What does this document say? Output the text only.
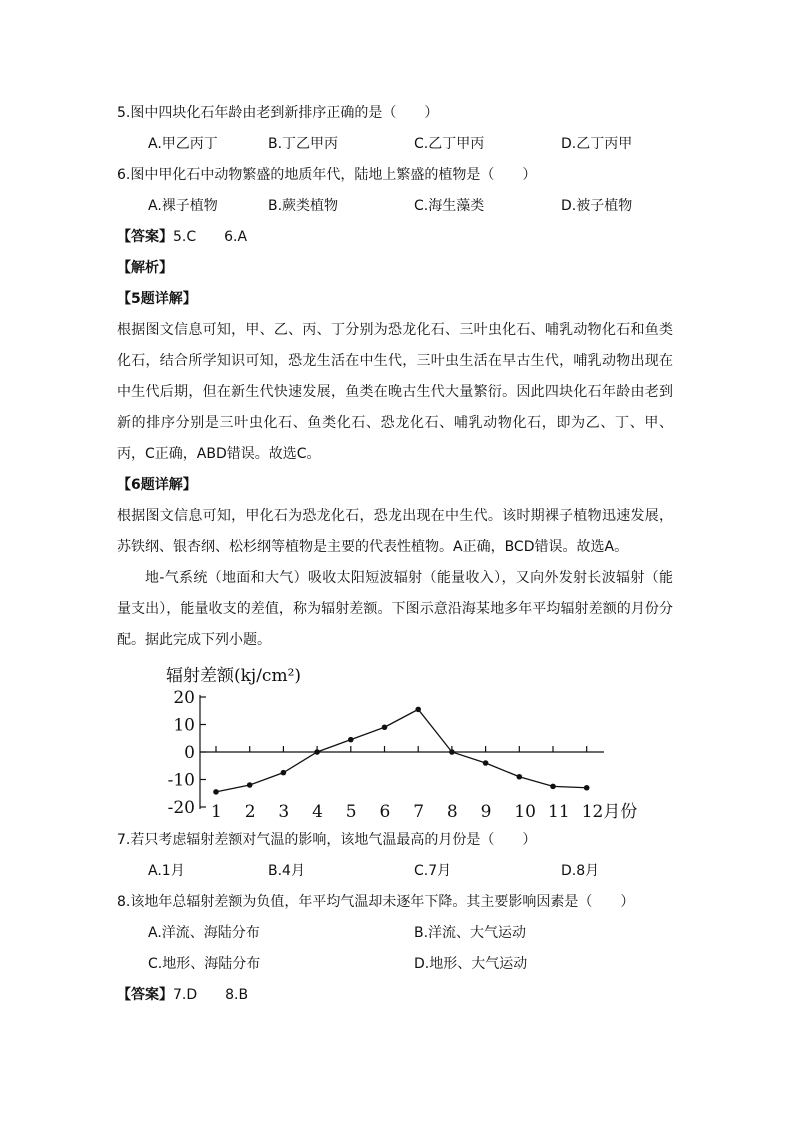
5.图中四块化石年龄由老到新排序正确的是（　　）
A.甲乙丙丁	B.丁乙甲丙	C.乙丁甲丙	D.乙丁丙甲
6.图中甲化石中动物繁盛的地质年代，陆地上繁盛的植物是（　　）
A.裸子植物	B.蕨类植物	C.海生藻类	D.被子植物
【答案】5.C　　6.A
【解析】
【5题详解】
根据图文信息可知，甲、乙、丙、丁分别为恐龙化石、三叶虫化石、哺乳动物化石和鱼类化石，结合所学知识可知，恐龙生活在中生代，三叶虫生活在早古生代，哺乳动物出现在中生代后期，但在新生代快速发展，鱼类在晚古生代大量繁衍。因此四块化石年龄由老到新的排序分别是三叶虫化石、鱼类化石、恐龙化石、哺乳动物化石，即为乙、丁、甲、丙，C正确，ABD错误。故选C。
【6题详解】
根据图文信息可知，甲化石为恐龙化石，恐龙出现在中生代。该时期裸子植物迅速发展，苏铁纲、银杏纲、松杉纲等植物是主要的代表性植物。A正确，BCD错误。故选A。
地-气系统（地面和大气）吸收太阳短波辐射（能量收入），又向外发射长波辐射（能量支出），能量收支的差值，称为辐射差额。下图示意沿海某地多年平均辐射差额的月份分配。据此完成下列小题。
辐射差额(kj/cm²)
20
10
0
-10
-20 1 2 3 4 5 6 7 8 9 10 11 12月份
7.若只考虑辐射差额对气温的影响，该地气温最高的月份是（　　）
A.1月	B.4月	C.7月	D.8月
8.该地年总辐射差额为负值，年平均气温却未逐年下降。其主要影响因素是（　　）
A.洋流、海陆分布	B.洋流、大气运动
C.地形、海陆分布	D.地形、大气运动
【答案】7.D　　8.B
